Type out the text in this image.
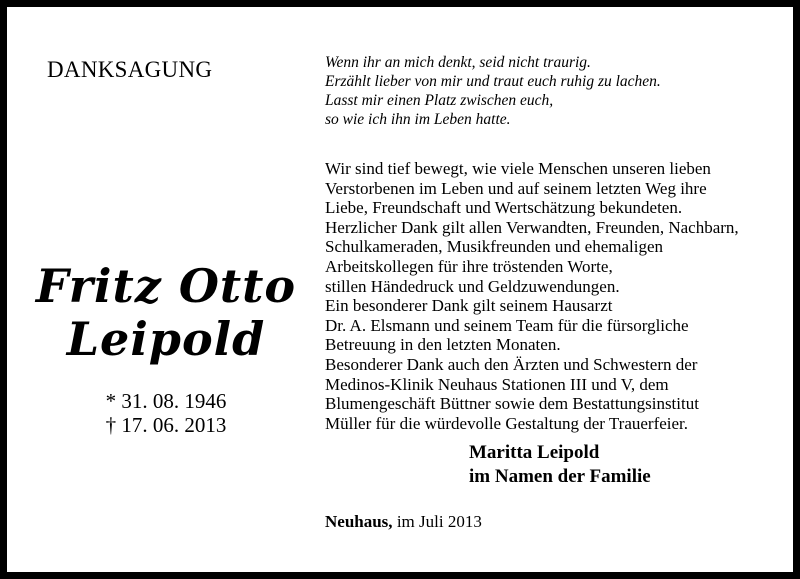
DANKSAGUNG	Wenn ihr an mich denkt, seid nicht traurig.
Erzählt lieber von mir und traut euch ruhig zu lachen.
Lasst mir einen Platz zwischen euch,
so wie ich ihn im Leben hatte.
Fritz Otto
Leipold
* 31. 08. 1946
† 17. 06. 2013
Wir sind tief bewegt, wie viele Menschen unseren lieben
Verstorbenen im Leben und auf seinem letzten Weg ihre
Liebe, Freundschaft und Wertschätzung bekundeten.
Herzlicher Dank gilt allen Verwandten, Freunden, Nachbarn,
Schulkameraden, Musikfreunden und ehemaligen
Arbeitskollegen für ihre tröstenden Worte,
stillen Händedruck und Geldzuwendungen.
Ein besonderer Dank gilt seinem Hausarzt
Dr. A. Elsmann und seinem Team für die fürsorgliche
Betreuung in den letzten Monaten.
Besonderer Dank auch den Ärzten und Schwestern der
Medinos-Klinik Neuhaus Stationen III und V, dem
Blumengeschäft Büttner sowie dem Bestattungsinstitut
Müller für die würdevolle Gestaltung der Trauerfeier.
Maritta Leipold
im Namen der Familie
Neuhaus, im Juli 2013
